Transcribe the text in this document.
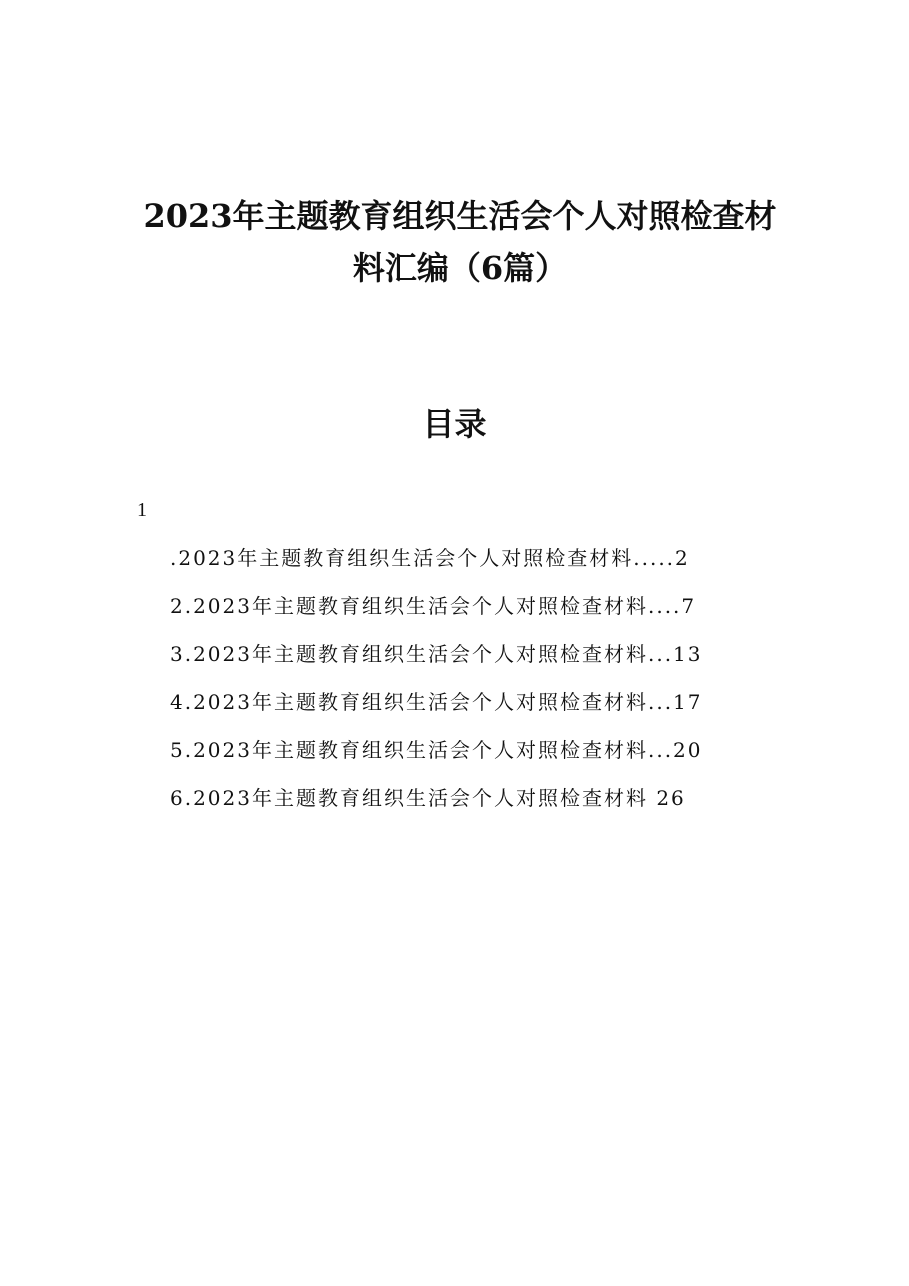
2023年主题教育组织生活会个人对照检查材
料汇编（6篇）
目录
1
.2023年主题教育组织生活会个人对照检查材料.....2
2.2023年主题教育组织生活会个人对照检查材料....7
3.2023年主题教育组织生活会个人对照检查材料...13
4.2023年主题教育组织生活会个人对照检查材料...17
5.2023年主题教育组织生活会个人对照检查材料...20
6.2023年主题教育组织生活会个人对照检查材料 26
